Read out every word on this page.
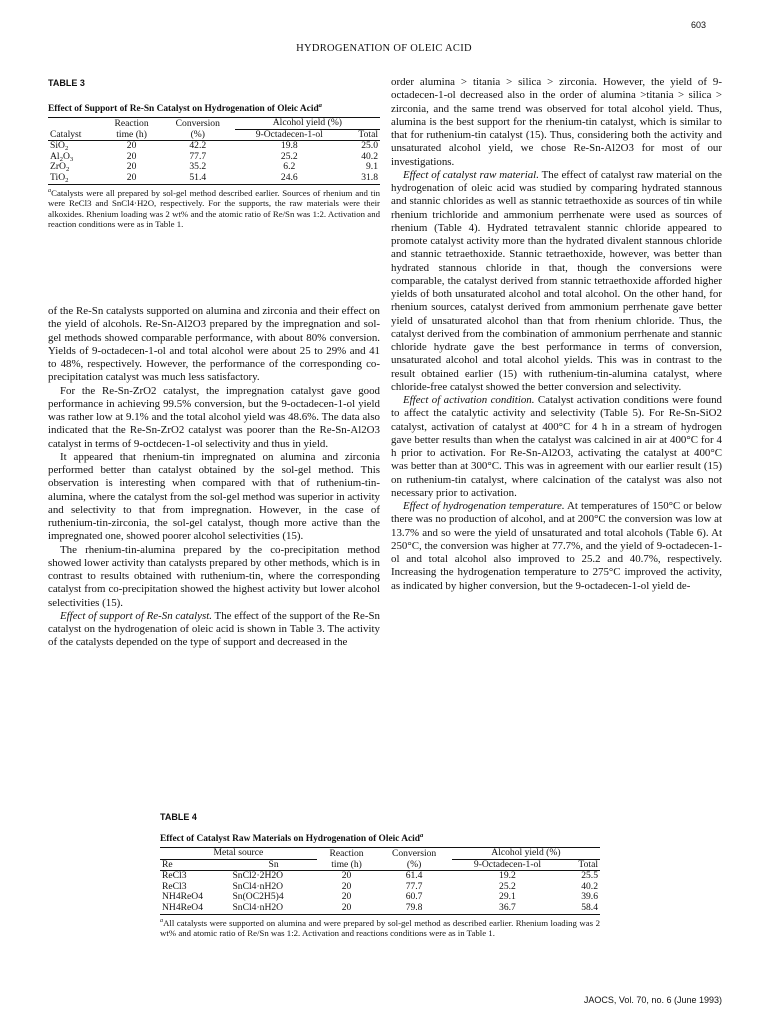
603
HYDROGENATION OF OLEIC ACID
TABLE 3
Effect of Support of Re-Sn Catalyst on Hydrogenation of Oleic Acid$^a$
	Reaction	Conversion	Alcohol yield (%)	
Catalyst	time (h)	(%)	9-Octadecen-1-ol	Total
SiO$_2$	20	42.2	19.8	25.0
$Al_2O_3$	20	77.7	25.2	40.2
ZrO$_2$	20	35.2	6.2	9.1
TiO$_2$	20	51.4	24.6	31.8
$^a$Catalysts were all prepared by sol-gel method described earlier. Sources of rhenium and tin were ReCl3 and SnCl4·H2O, respectively. For the supports, the raw materials were their alkoxides. Rhenium loading was 2 wt% and the atomic ratio of Re/Sn was 1:2. Activation and reaction conditions were as in Table 1.

of the Re-Sn catalysts supported on alumina and zirconia and their effect on the yield of alcohols. Re-Sn-Al2O3 prepared by the impregnation and sol-gel methods showed comparable performance, with about 80% conversion. Yields of 9-octadecen-1-ol and total alcohol were about 25 to 29% and 41 to 48%, respectively. However, the performance of the corresponding co-precipitation catalyst was much less satisfactory.

For the Re-Sn-ZrO2 catalyst, the impregnation catalyst gave good performance in achieving 99.5% conversion, but the 9-octadecen-1-ol yield was rather low at 9.1% and the total alcohol yield was 48.6%. The data also indicated that the Re-Sn-ZrO2 catalyst was poorer than the Re-Sn-Al2O3 catalyst in terms of 9-octdecen-1-ol selectivity and thus in yield.

It appeared that rhenium-tin impregnated on alumina and zirconia performed better than catalyst obtained by the sol-gel method. This observation is interesting when compared with that of ruthenium-tin-alumina, where the catalyst from the sol-gel method was superior in activity and selectivity to that from impregnation. However, in the case of ruthenium-tin-zirconia, the sol-gel catalyst, though more active than the impregnated one, showed poorer alcohol selectivities (15).

The rhenium-tin-alumina prepared by the co-precipitation method showed lower activity than catalysts prepared by other methods, which is in contrast to results obtained with ruthenium-tin, where the corresponding catalyst from co-precipitation showed the highest activity but lower alcohol selectivities (15).

Effect of support of Re-Sn catalyst. The effect of the support of the Re-Sn catalyst on the hydrogenation of oleic acid is shown in Table 3. The activity of the catalysts depended on the type of support and decreased in the

order alumina > titania > silica > zirconia. However, the yield of 9-octadecen-1-ol decreased also in the order of alumina >titania > silica > zirconia, and the same trend was observed for total alcohol yield. Thus, alumina is the best support for the rhenium-tin catalyst, which is similar to that for ruthenium-tin catalyst (15). Thus, considering both the activity and unsaturated alcohol yield, we chose Re-Sn-Al2O3 for most of our investigations.

Effect of catalyst raw material. The effect of catalyst raw material on the hydrogenation of oleic acid was studied by comparing hydrated stannous and stannic chlorides as well as stannic tetraethoxide as sources of tin while rhenium trichloride and ammonium perrhenate were used as sources of rhenium (Table 4). Hydrated tetravalent stannic chloride appeared to promote catalyst activity more than the hydrated divalent stannous chloride and stannic tetraethoxide. Stannic tetraethoxide, however, was better than hydrated stannous chloride in that, though the conversions were comparable, the catalyst derived from stannic tetraethoxide afforded higher yields of both unsaturated alcohol and total alcohol. On the other hand, for rhenium sources, catalyst derived from ammonium perrhenate gave better yield of unsaturated alcohol than that from rhenium chloride. Thus, the catalyst derived from the combination of ammonium perrhenate and stannic chloride hydrate gave the best performance in terms of conversion, unsaturated alcohol and total alcohol yields. This was in contrast to the result obtained earlier (15) with ruthenium-tin-alumina catalyst, where chloride-free catalyst showed the better conversion and selectivity.

Effect of activation condition. Catalyst activation conditions were found to affect the catalytic activity and selectivity (Table 5). For Re-Sn-SiO2 catalyst, activation of catalyst at 400°C for 4 h in a stream of hydrogen gave better results than when the catalyst was calcined in air at 400°C for 4 h prior to activation. For Re-Sn-Al2O3, activating the catalyst at 400°C was better than at 300°C. This was in agreement with our earlier result (15) on ruthenium-tin catalyst, where calcination of the catalyst was also not necessary prior to activation.

Effect of hydrogenation temperature. At temperatures of 150°C or below there was no production of alcohol, and at 200°C the conversion was low at 13.7% and so were the yield of unsaturated and total alcohols (Table 6). At 250°C, the conversion was higher at 77.7%, and the yield of 9-octadecen-1-ol and total alcohol also improved to 25.2 and 40.7%, respectively. Increasing the hydrogenation temperature to 275°C improved the activity, as indicated by higher conversion, but the 9-octadecen-1-ol yield de-

TABLE 4
Effect of Catalyst Raw Materials on Hydrogenation of Oleic Acid$^a$
Metal source		Reaction	Conversion	Alcohol yield (%)	
Re	Sn	time (h)	(%)	9-Octadecen-1-ol	Total
ReCl3	SnCl2·2H2O	20	61.4	19.2	25.5
ReCl3	SnCl4·nH2O	20	77.7	25.2	40.2
NH4ReO4	Sn(OC2H5)4	20	60.7	29.1	39.6
NH4ReO4	SnCl4·nH2O	20	79.8	36.7	58.4
$^a$All catalysts were supported on alumina and were prepared by sol-gel method as described earlier. Rhenium loading was 2 wt% and atomic ratio of Re/Sn was 1:2. Activation and reactions conditions were as in Table 1.
JAOCS, Vol. 70, no. 6 (June 1993)
